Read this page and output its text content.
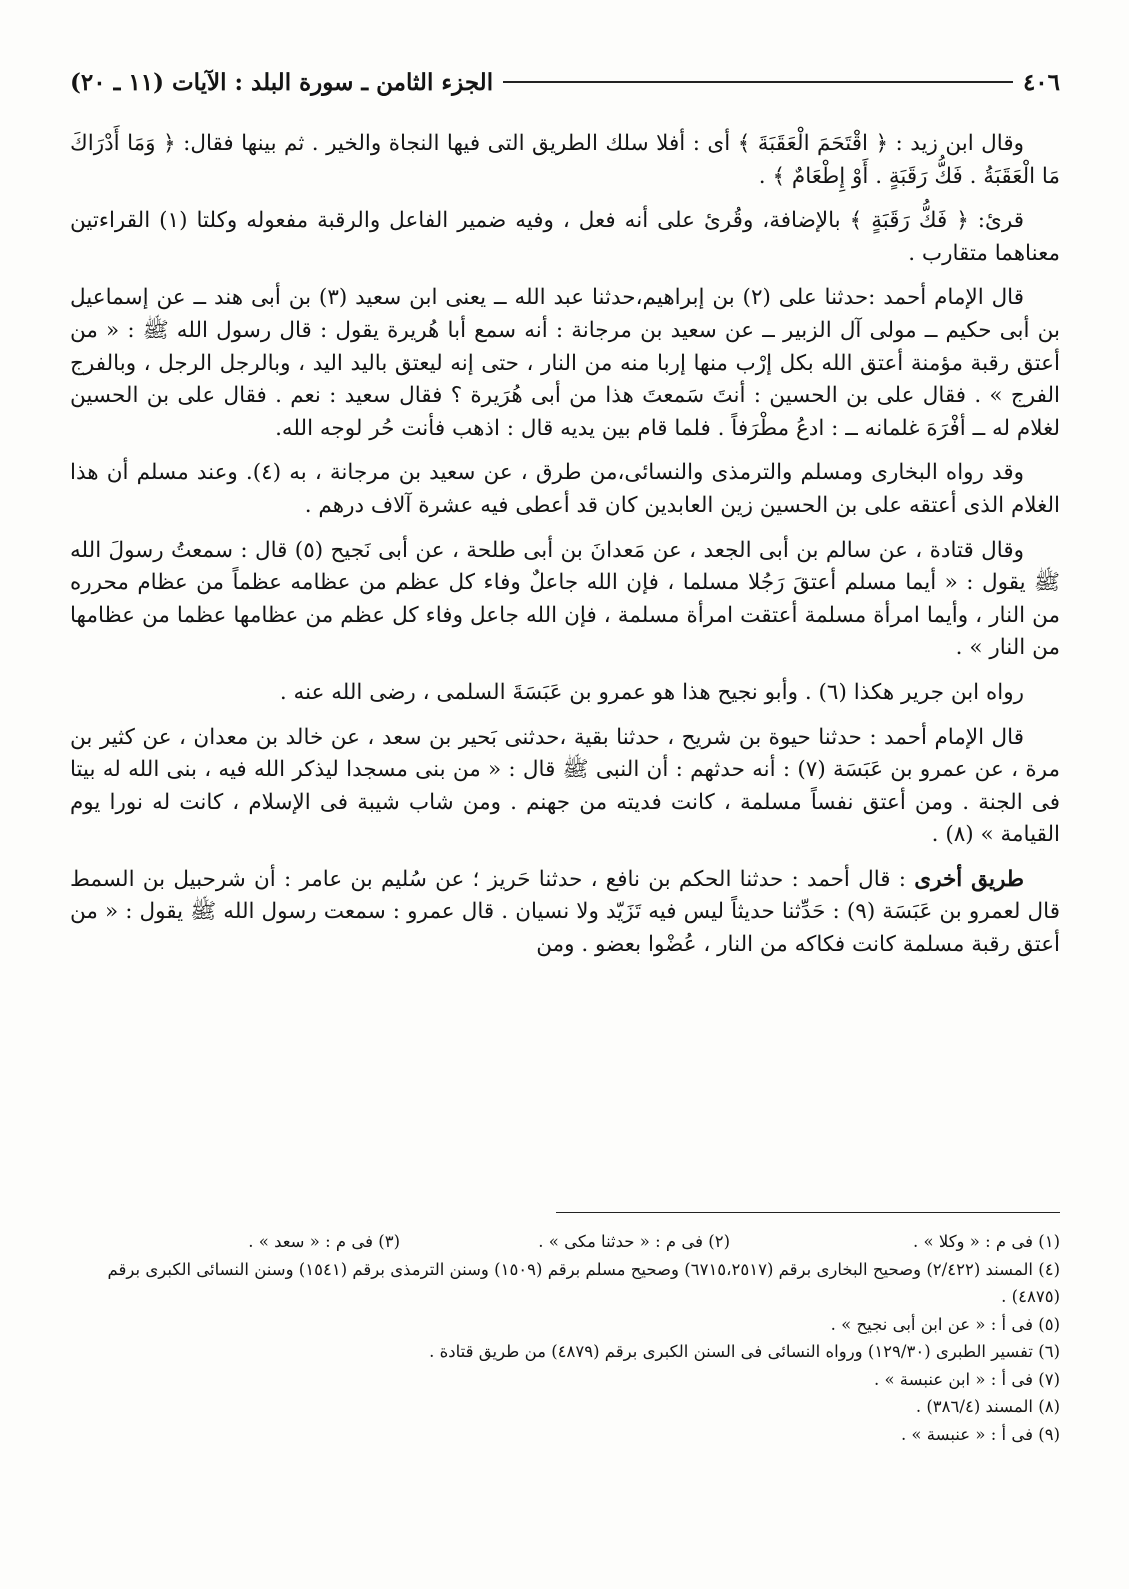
٤٠٦
الجزء الثامن ـ سورة البلد : الآيات (١١ ـ ٢٠)

وقال ابن زيد : ﴿ اقْتَحَمَ الْعَقَبَةَ ﴾ أى : أفلا سلك الطريق التى فيها النجاة والخير . ثم بينها فقال: ﴿ وَمَا أَدْرَاكَ مَا الْعَقَبَةُ . فَكُّ رَقَبَةٍ . أَوْ إِطْعَامٌ ﴾ .

قرئ: ﴿ فَكُّ رَقَبَةٍ ﴾ بالإضافة، وقُرئ على أنه فعل ، وفيه ضمير الفاعل والرقبة مفعوله وكلتا (١) القراءتين معناهما متقارب .

قال الإمام أحمد :حدثنا على (٢) بن إبراهيم،حدثنا عبد الله ــ يعنى ابن سعيد (٣) بن أبى هند ــ عن إسماعيل بن أبى حكيم ــ مولى آل الزبير ــ عن سعيد بن مرجانة : أنه سمع أبا هُريرة يقول : قال رسول الله ﷺ : « من أعتق رقبة مؤمنة أعتق الله بكل إرْب منها إربا منه من النار ، حتى إنه ليعتق باليد اليد ، وبالرجل الرجل ، وبالفرج الفرج » . فقال على بن الحسين : أنتَ سَمعتَ هذا من أبى هُرَيرة ؟ فقال سعيد : نعم . فقال على بن الحسين لغلام له ــ أفْرَهَ غلمانه ــ : ادعُ مطْرَفاً . فلما قام بين يديه قال : اذهب فأنت حُر لوجه الله.

وقد رواه البخارى ومسلم والترمذى والنسائى،من طرق ، عن سعيد بن مرجانة ، به (٤). وعند مسلم أن هذا الغلام الذى أعتقه على بن الحسين زين العابدين كان قد أعطى فيه عشرة آلاف درهم .

وقال قتادة ، عن سالم بن أبى الجعد ، عن مَعدانَ بن أبى طلحة ، عن أبى نَجيح (٥) قال : سمعتُ رسولَ الله ﷺ يقول : « أيما مسلم أعتقَ رَجُلا مسلما ، فإن الله جاعلٌ وفاء كل عظم من عظامه عظماً من عظام محرره من النار ، وأيما امرأة مسلمة أعتقت امرأة مسلمة ، فإن الله جاعل وفاء كل عظم من عظامها عظما من عظامها من النار » .

رواه ابن جرير هكذا (٦) . وأبو نجيح هذا هو عمرو بن عَبَسَةَ السلمى ، رضى الله عنه .

قال الإمام أحمد : حدثنا حيوة بن شريح ، حدثنا بقية ،حدثنى بَحير بن سعد ، عن خالد بن معدان ، عن كثير بن مرة ، عن عمرو بن عَبَسَة (٧) : أنه حدثهم : أن النبى ﷺ قال : « من بنى مسجدا ليذكر الله فيه ، بنى الله له بيتا فى الجنة . ومن أعتق نفساً مسلمة ، كانت فديته من جهنم . ومن شاب شيبة فى الإسلام ، كانت له نورا يوم القيامة » (٨) .

طريق أخرى : قال أحمد : حدثنا الحكم بن نافع ، حدثنا حَريز ؛ عن سُليم بن عامر : أن شرحبيل بن السمط قال لعمرو بن عَبَسَة (٩) : حَدِّثنا حديثاً ليس فيه تَزَيّد ولا نسيان . قال عمرو : سمعت رسول الله ﷺ يقول : « من أعتق رقبة مسلمة كانت فكاكه من النار ، عُضْوا بعضو . ومن

(١) فى م : « وكلا » .
(٢) فى م : « حدثنا مكى » .
(٣) فى م : « سعد » .

(٤) المسند (٢/٤٢٢) وصحيح البخارى برقم (٦٧١٥،٢٥١٧) وصحيح مسلم برقم (١٥٠٩) وسنن الترمذى برقم (١٥٤١) وسنن النسائى الكبرى برقم (٤٨٧٥) .

(٥) فى أ : « عن ابن أبى نجيح » .

(٦) تفسير الطبرى (١٢٩/٣٠) ورواه النسائى فى السنن الكبرى برقم (٤٨٧٩) من طريق قتادة .

(٧) فى أ : « ابن عنبسة » .

(٨) المسند (٣٨٦/٤) .

(٩) فى أ : « عنبسة » .
